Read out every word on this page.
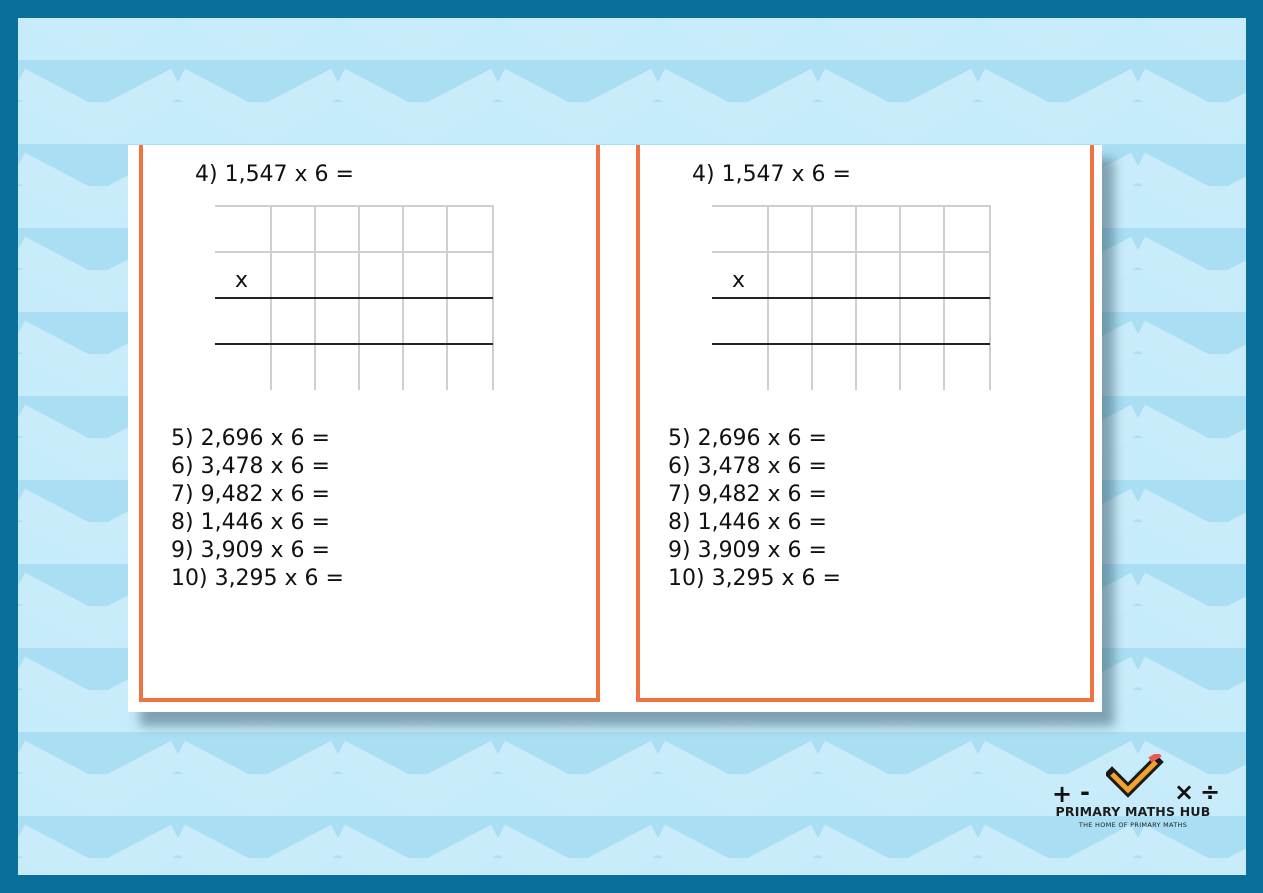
4) 1,547 x 6 =
x
5) 2,696 x 6 =
6) 3,478 x 6 =
7) 9,482 x 6 =
8) 1,446 x 6 =
9) 3,909 x 6 =
10) 3,295 x 6 =
4) 1,547 x 6 =
x
5) 2,696 x 6 =
6) 3,478 x 6 =
7) 9,482 x 6 =
8) 1,446 x 6 =
9) 3,909 x 6 =
10) 3,295 x 6 =
+ -	× ÷
PRIMARY MATHS HUB
THE HOME OF PRIMARY MATHS
